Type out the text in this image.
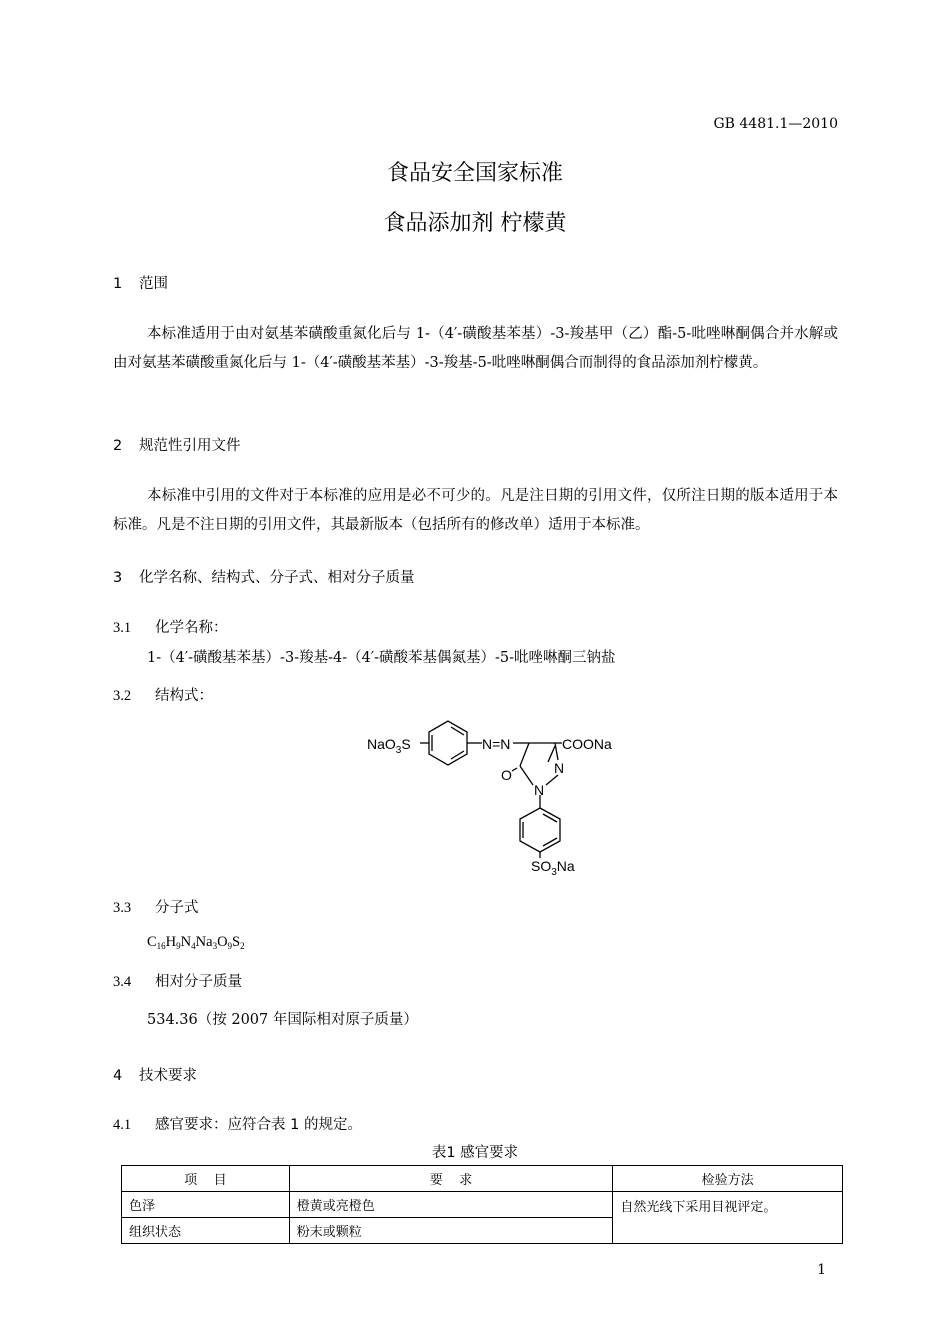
GB 4481.1—2010
食品安全国家标准
食品添加剂 柠檬黄
1 范围
本标准适用于由对氨基苯磺酸重氮化后与 1-（4′-磺酸基苯基）-3-羧基甲（乙）酯-5-吡唑啉酮偶合并水解或由对氨基苯磺酸重氮化后与 1-（4′-磺酸基苯基）-3-羧基-5-吡唑啉酮偶合而制得的食品添加剂柠檬黄。
2 规范性引用文件
本标准中引用的文件对于本标准的应用是必不可少的。凡是注日期的引用文件，仅所注日期的版本适用于本标准。凡是不注日期的引用文件，其最新版本（包括所有的修改单）适用于本标准。
3 化学名称、结构式、分子式、相对分子质量
3.1 化学名称：
1-（4′-磺酸基苯基）-3-羧基-4-（4′-磺酸苯基偶氮基）-5-吡唑啉酮三钠盐
3.2 结构式：
NaO$_3$S	N=N	COONa
O	N
N
$SO_3Na$
3.3 分子式
$C_{16}H_9N_4Na_3O_9S_2$
3.4 相对分子质量
534.36（按 2007 年国际相对原子质量）
4 技术要求
4.1 感官要求：应符合表 1 的规定。
表1 感官要求
项    目	要    求	检验方法
色泽	橙黄或亮橙色	自然光线下采用目视评定。
组织状态	粉末或颗粒	
1
